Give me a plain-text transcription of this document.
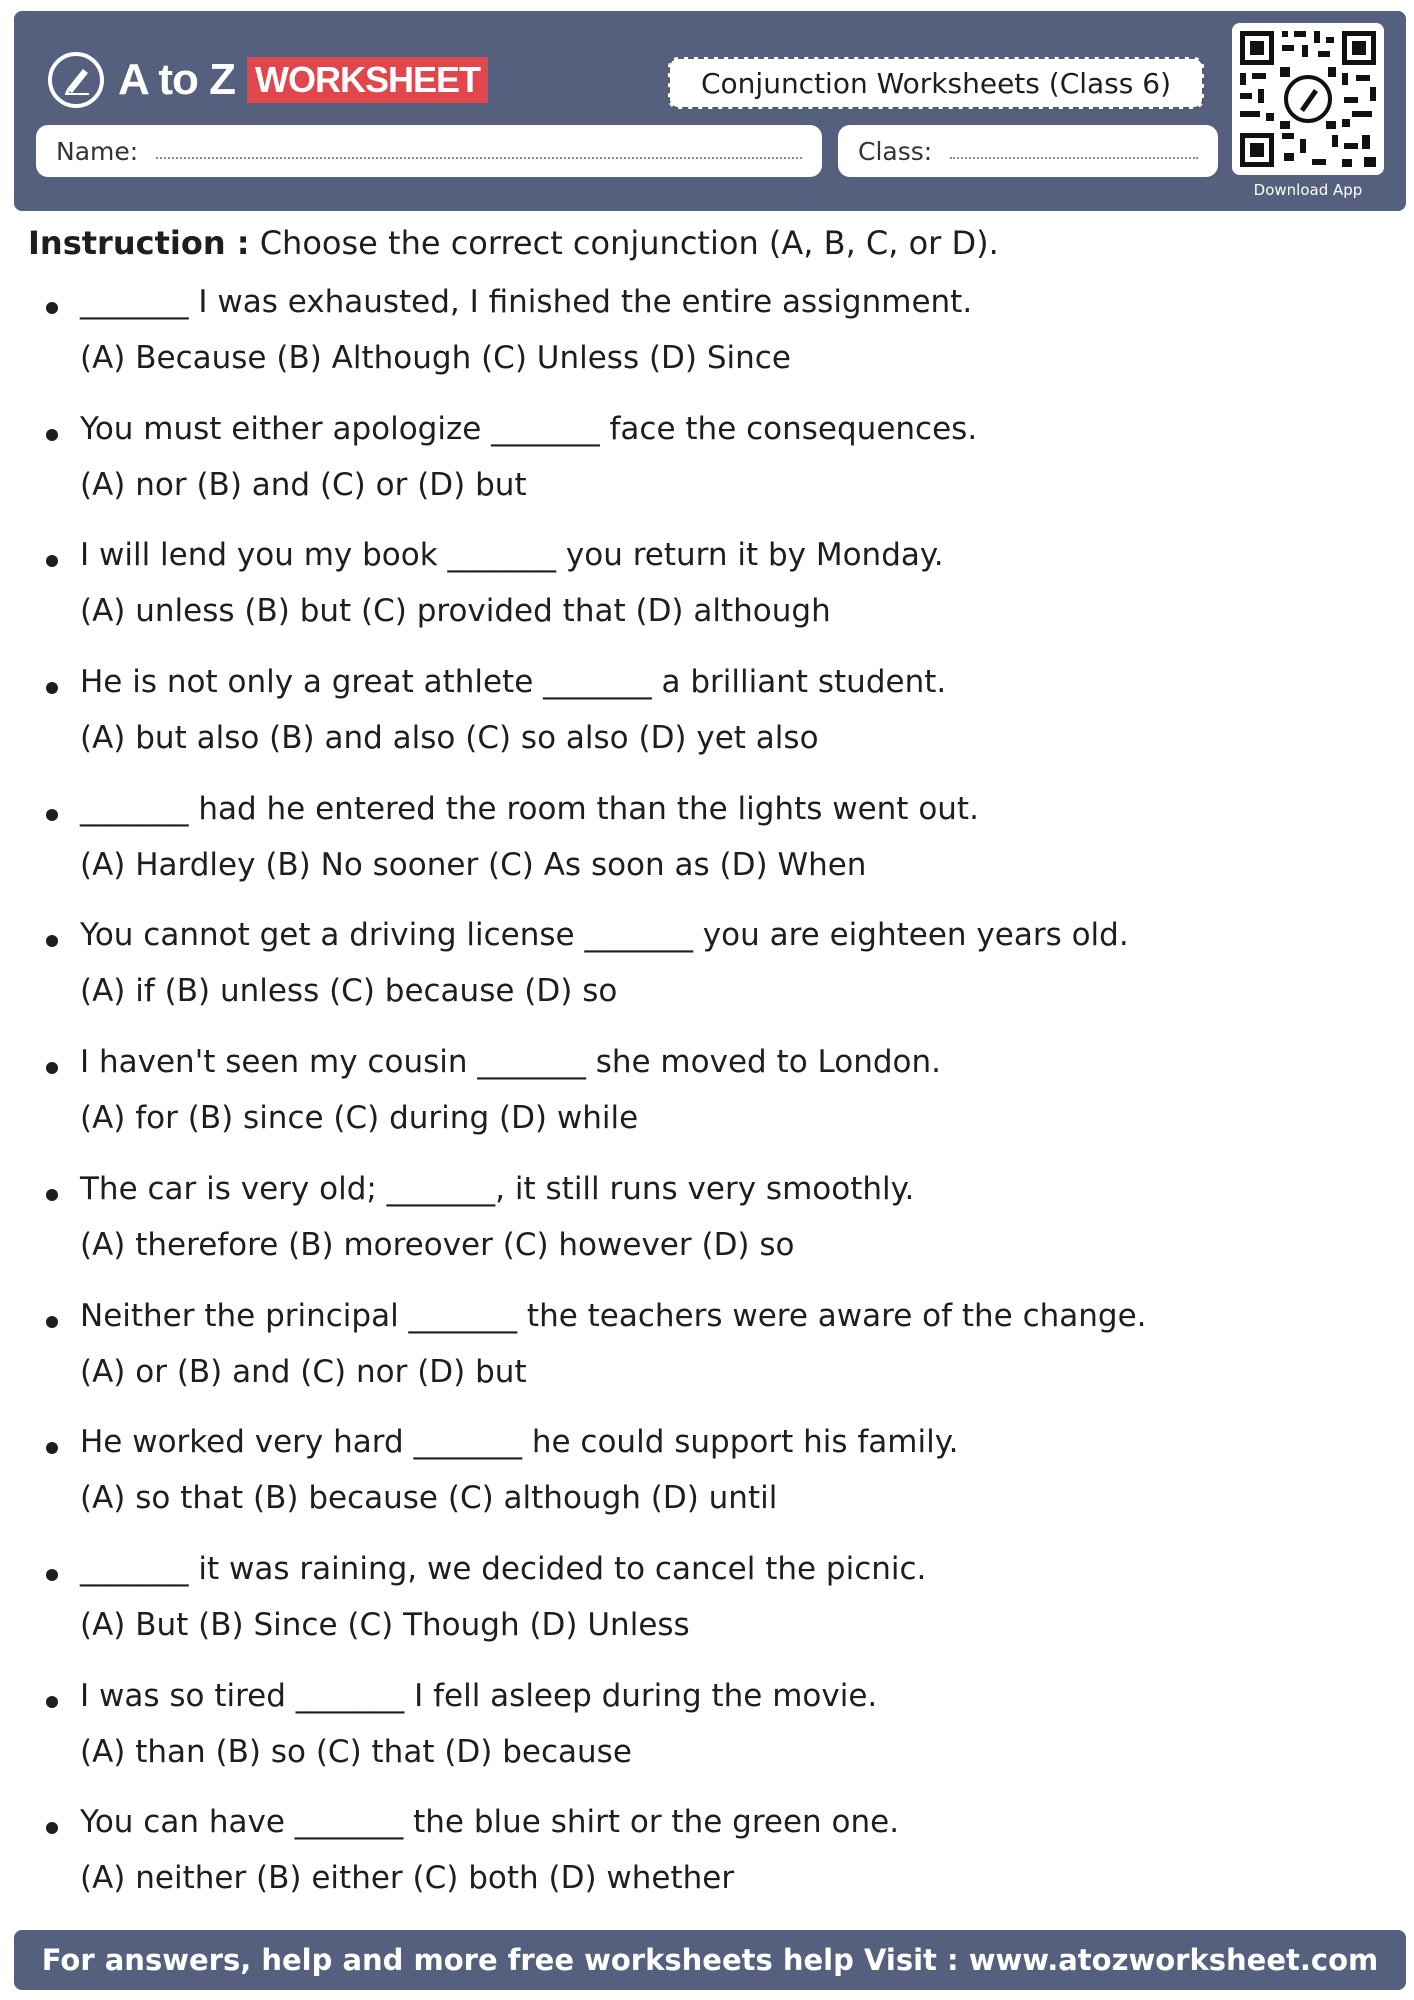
A to Z WORKSHEET	Conjunction Worksheets (Class 6)
Name:	Class:
Download App
Instruction : Choose the correct conjunction (A, B, C, or D).
_______ I was exhausted, I finished the entire assignment.
(A) Because (B) Although (C) Unless (D) Since
You must either apologize _______ face the consequences.
(A) nor (B) and (C) or (D) but
I will lend you my book _______ you return it by Monday.
(A) unless (B) but (C) provided that (D) although
He is not only a great athlete _______ a brilliant student.
(A) but also (B) and also (C) so also (D) yet also
_______ had he entered the room than the lights went out.
(A) Hardley (B) No sooner (C) As soon as (D) When
You cannot get a driving license _______ you are eighteen years old.
(A) if (B) unless (C) because (D) so
I haven't seen my cousin _______ she moved to London.
(A) for (B) since (C) during (D) while
The car is very old; _______, it still runs very smoothly.
(A) therefore (B) moreover (C) however (D) so
Neither the principal _______ the teachers were aware of the change.
(A) or (B) and (C) nor (D) but
He worked very hard _______ he could support his family.
(A) so that (B) because (C) although (D) until
_______ it was raining, we decided to cancel the picnic.
(A) But (B) Since (C) Though (D) Unless
I was so tired _______ I fell asleep during the movie.
(A) than (B) so (C) that (D) because
You can have _______ the blue shirt or the green one.
(A) neither (B) either (C) both (D) whether
For answers, help and more free worksheets help Visit : www.atozworksheet.com
